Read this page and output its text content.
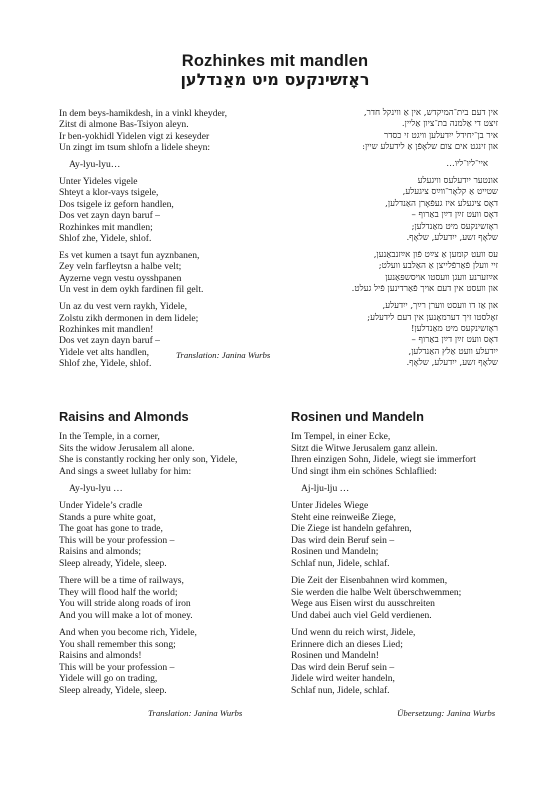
Rozhinkes mit mandlen
ראָזשינקעס מיט מאַנדלען
In dem beys-hamikdesh, in a vinkl kheyder,
Zitst di almone Bas-Tsiyon aleyn.
Ir ben-yokhidl Yidelen vigt zi keseyder
Un zingt im tsum shlofn a lidele sheyn:
Ay-lyu-lyu…
Unter Yideles vigele
Shteyt a klor-vays tsigele,
Dos tsigele iz geforn handlen,
Dos vet zayn dayn baruf –
Rozhinkes mit mandlen;
Shlof zhe, Yidele, shlof.
Es vet kumen a tsayt fun ayznbanen,
Zey veln farfleytsn a halbe velt;
Ayzerne vegn vestu oysshpanen
Un vest in dem oykh fardinen fil gelt.
Un az du vest vern raykh, Yidele,
Zolstu zikh dermonen in dem lidele;
Rozhinkes mit mandlen!
Dos vet zayn dayn baruf –
Yidele vet alts handlen,
Shlof zhe, Yidele, shlof.
אין דעם בית־המיקדש, אין אַ ווינקל חדר,
זיצט די אַלמנה בת־ציון אַליין.
איר בן־יחידל ייִדעלען וויגט זי כסדר
און זינגט אים צום שלאָפֿן אַ לידעלע שיין:
איי־ליו־ליו…
אונטער ייִדעלעס וויגעלע
שטייט אַ קלאָר־ווײַס ציגעלע,
דאָס ציגעלע איז געפֿאָרן האַנדלען,
דאָס וועט זײַן דײַן באַרוף –
ראָזשינקעס מיט מאַנדלען;
שלאָף זשע, ייִדעלע, שלאָף.
עס וועט קומען אַ צײַט פֿון אײַזנבאַנען,
זיי וועלן פֿאַרפֿלייצן אַ האַלבע וועלט;
אײַזערנע וועגן וועסטו אויסשפּאַנען
און וועסט אין דעם אויך פֿאַרדינען פֿיל געלט.
און אַז דו וועסט ווערן רײַך, ייִדעלע,
זאָלסטו זיך דערמאָנען אין דעם לידעלע;
ראָזשינקעס מיט מאַנדלען!
דאָס וועט זײַן דײַן באַרוף –
ייִדעלע וועט אַלץ האַנדלען,
שלאָף זשע, ייִדעלע, שלאָף.
Translation: Janina Wurbs
Raisins and Almonds
In the Temple, in a corner,
Sits the widow Jerusalem all alone.
She is constantly rocking her only son, Yidele,
And sings a sweet lullaby for him:
Ay-lyu-lyu …
Under Yidele’s cradle
Stands a pure white goat,
The goat has gone to trade,
This will be your profession –
Raisins and almonds;
Sleep already, Yidele, sleep.
There will be a time of railways,
They will flood half the world;
You will stride along roads of iron
And you will make a lot of money.
And when you become rich, Yidele,
You shall remember this song;
Raisins and almonds!
This will be your profession –
Yidele will go on trading,
Sleep already, Yidele, sleep.
Translation: Janina Wurbs
Rosinen und Mandeln
Im Tempel, in einer Ecke,
Sitzt die Witwe Jerusalem ganz allein.
Ihren einzigen Sohn, Jidele, wiegt sie immerfort
Und singt ihm ein schönes Schlaflied:
Aj-lju-lju …
Unter Jideles Wiege
Steht eine reinweiße Ziege,
Die Ziege ist handeln gefahren,
Das wird dein Beruf sein –
Rosinen und Mandeln;
Schlaf nun, Jidele, schlaf.
Die Zeit der Eisenbahnen wird kommen,
Sie werden die halbe Welt überschwemmen;
Wege aus Eisen wirst du ausschreiten
Und dabei auch viel Geld verdienen.
Und wenn du reich wirst, Jidele,
Erinnere dich an dieses Lied;
Rosinen und Mandeln!
Das wird dein Beruf sein –
Jidele wird weiter handeln,
Schlaf nun, Jidele, schlaf.
Übersetzung: Janina Wurbs
